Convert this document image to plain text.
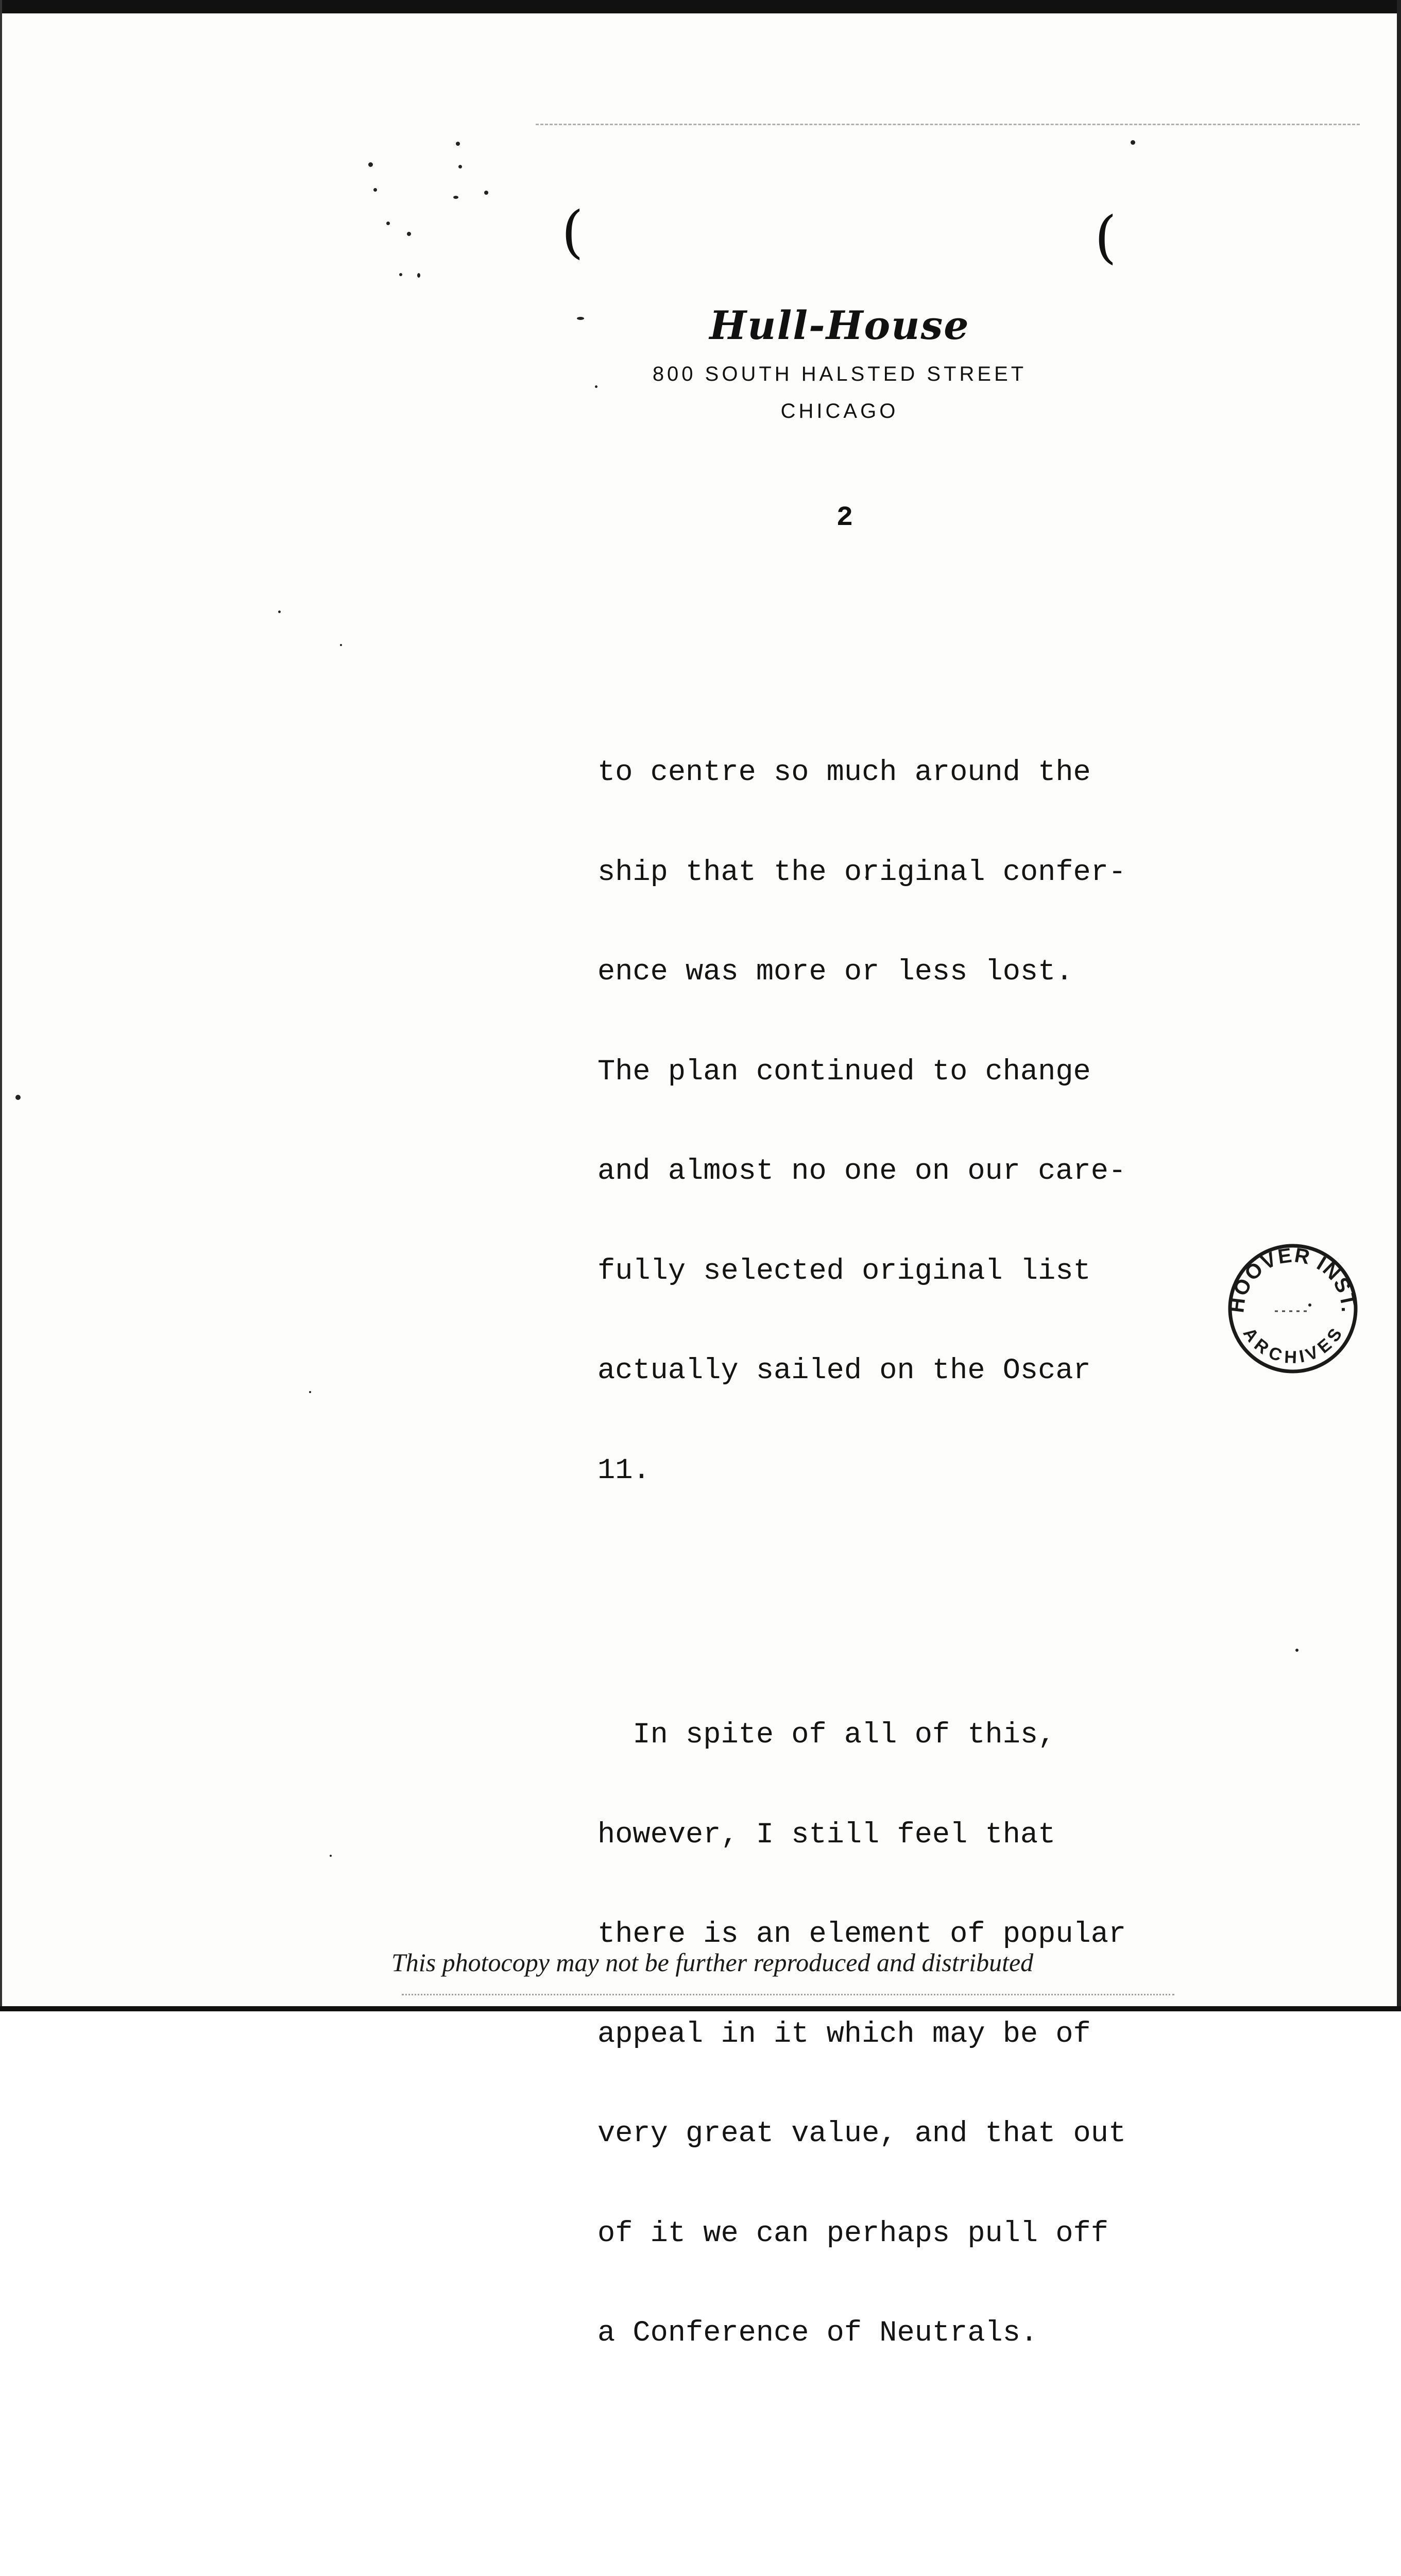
(	(
Hull-House
800 SOUTH HALSTED STREET
CHICAGO
2

to centre so much around the

ship that the original confer-

ence was more or less lost.

The plan continued to change

and almost no one on our care-

fully selected original list

actually sailed on the Oscar

11.

In spite of all of this,

however, I still feel that

there is an element of popular

appeal in it which may be of

very great value, and that out

of it we can perhaps pull off

a Conference of Neutrals.

HOOVER INST.
ARCHIVES
This photocopy may not be further reproduced and distributed
